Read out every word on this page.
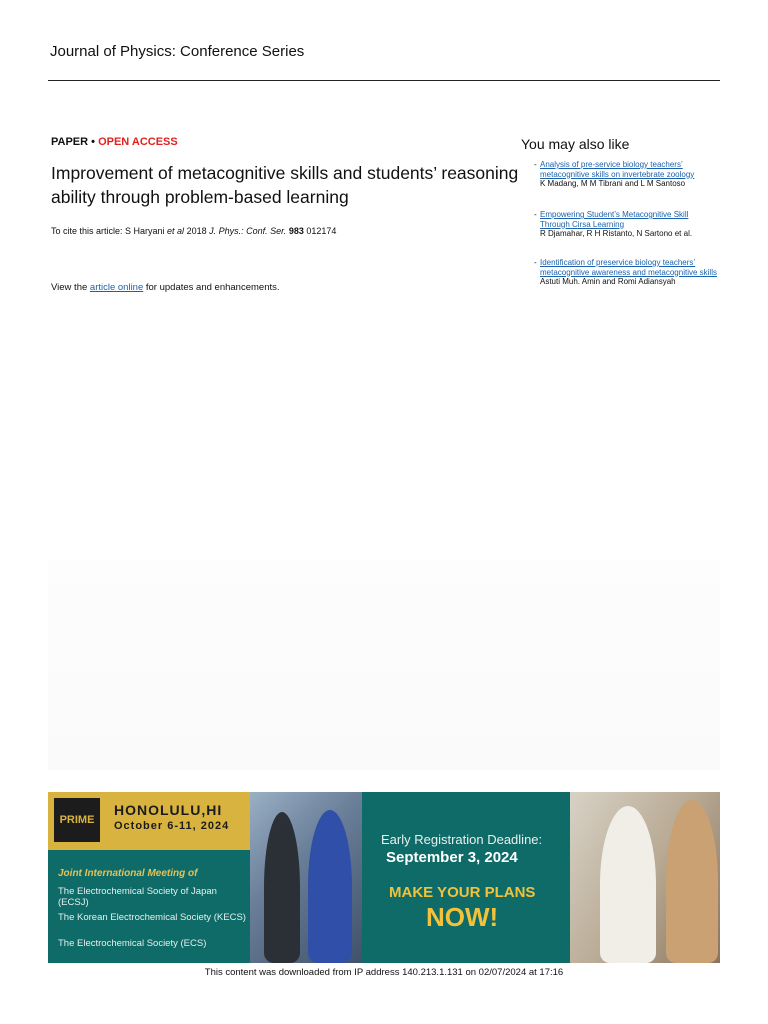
Journal of Physics: Conference Series
PAPER • OPEN ACCESS
Improvement of metacognitive skills and students’ reasoning ability through problem-based learning
To cite this article: S Haryani et al 2018 J. Phys.: Conf. Ser. 983 012174
View the article online for updates and enhancements.
You may also like
- Analysis of pre-service biology teachers’ metacognitive skills on invertebrate zoology
K Madang, M M Tibrani and L M Santoso
- Empowering Student’s Metacognitive Skill Through Cirsa Learning
R Djamahar, R H Ristanto, N Sartono et al.
- Identification of preservice biology teachers’ metacognitive awareness and metacognitive skills
Astuti Muh. Amin and Romi Adiansyah
PRIME
HONOLULU,HI
October 6-11, 2024
Joint International Meeting of
The Electrochemical Society of Japan (ECSJ)
The Korean Electrochemical Society (KECS)
The Electrochemical Society (ECS)
Early Registration Deadline:
September 3, 2024
MAKE YOUR PLANS
NOW!
This content was downloaded from IP address 140.213.1.131 on 02/07/2024 at 17:16
